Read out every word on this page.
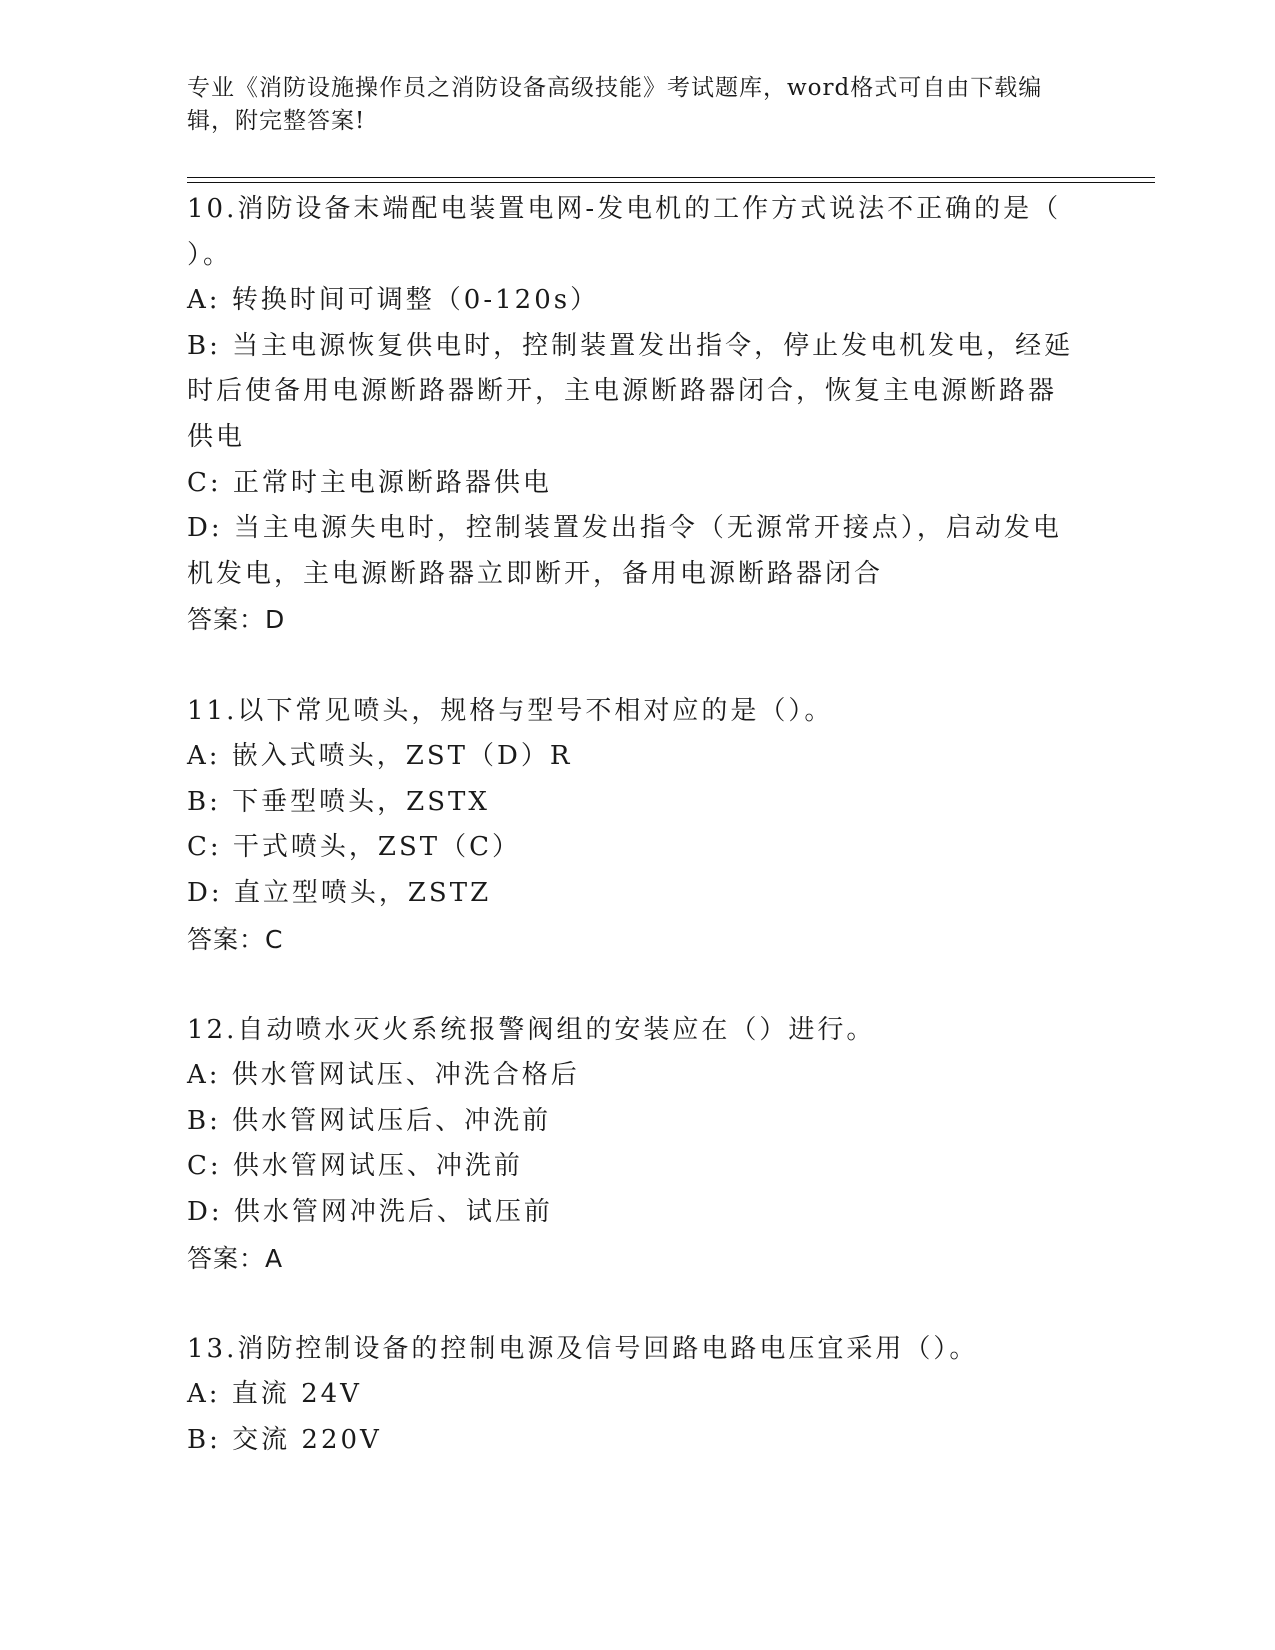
专业《消防设施操作员之消防设备高级技能》考试题库，word格式可自由下载编
辑，附完整答案!
10.消防设备末端配电装置电网-发电机的工作方式说法不正确的是（
）。
A: 转换时间可调整（0-120s）
B: 当主电源恢复供电时，控制装置发出指令，停止发电机发电，经延
时后使备用电源断路器断开，主电源断路器闭合，恢复主电源断路器
供电
C: 正常时主电源断路器供电
D: 当主电源失电时，控制装置发出指令（无源常开接点），启动发电
机发电，主电源断路器立即断开，备用电源断路器闭合
答案：D
11.以下常见喷头，规格与型号不相对应的是（）。
A: 嵌入式喷头，ZST（D）R
B: 下垂型喷头，ZSTX
C: 干式喷头，ZST（C）
D: 直立型喷头，ZSTZ
答案：C
12.自动喷水灭火系统报警阀组的安装应在（）进行。
A: 供水管网试压、冲洗合格后
B: 供水管网试压后、冲洗前
C: 供水管网试压、冲洗前
D: 供水管网冲洗后、试压前
答案：A
13.消防控制设备的控制电源及信号回路电路电压宜采用（）。
A: 直流 24V
B: 交流 220V
